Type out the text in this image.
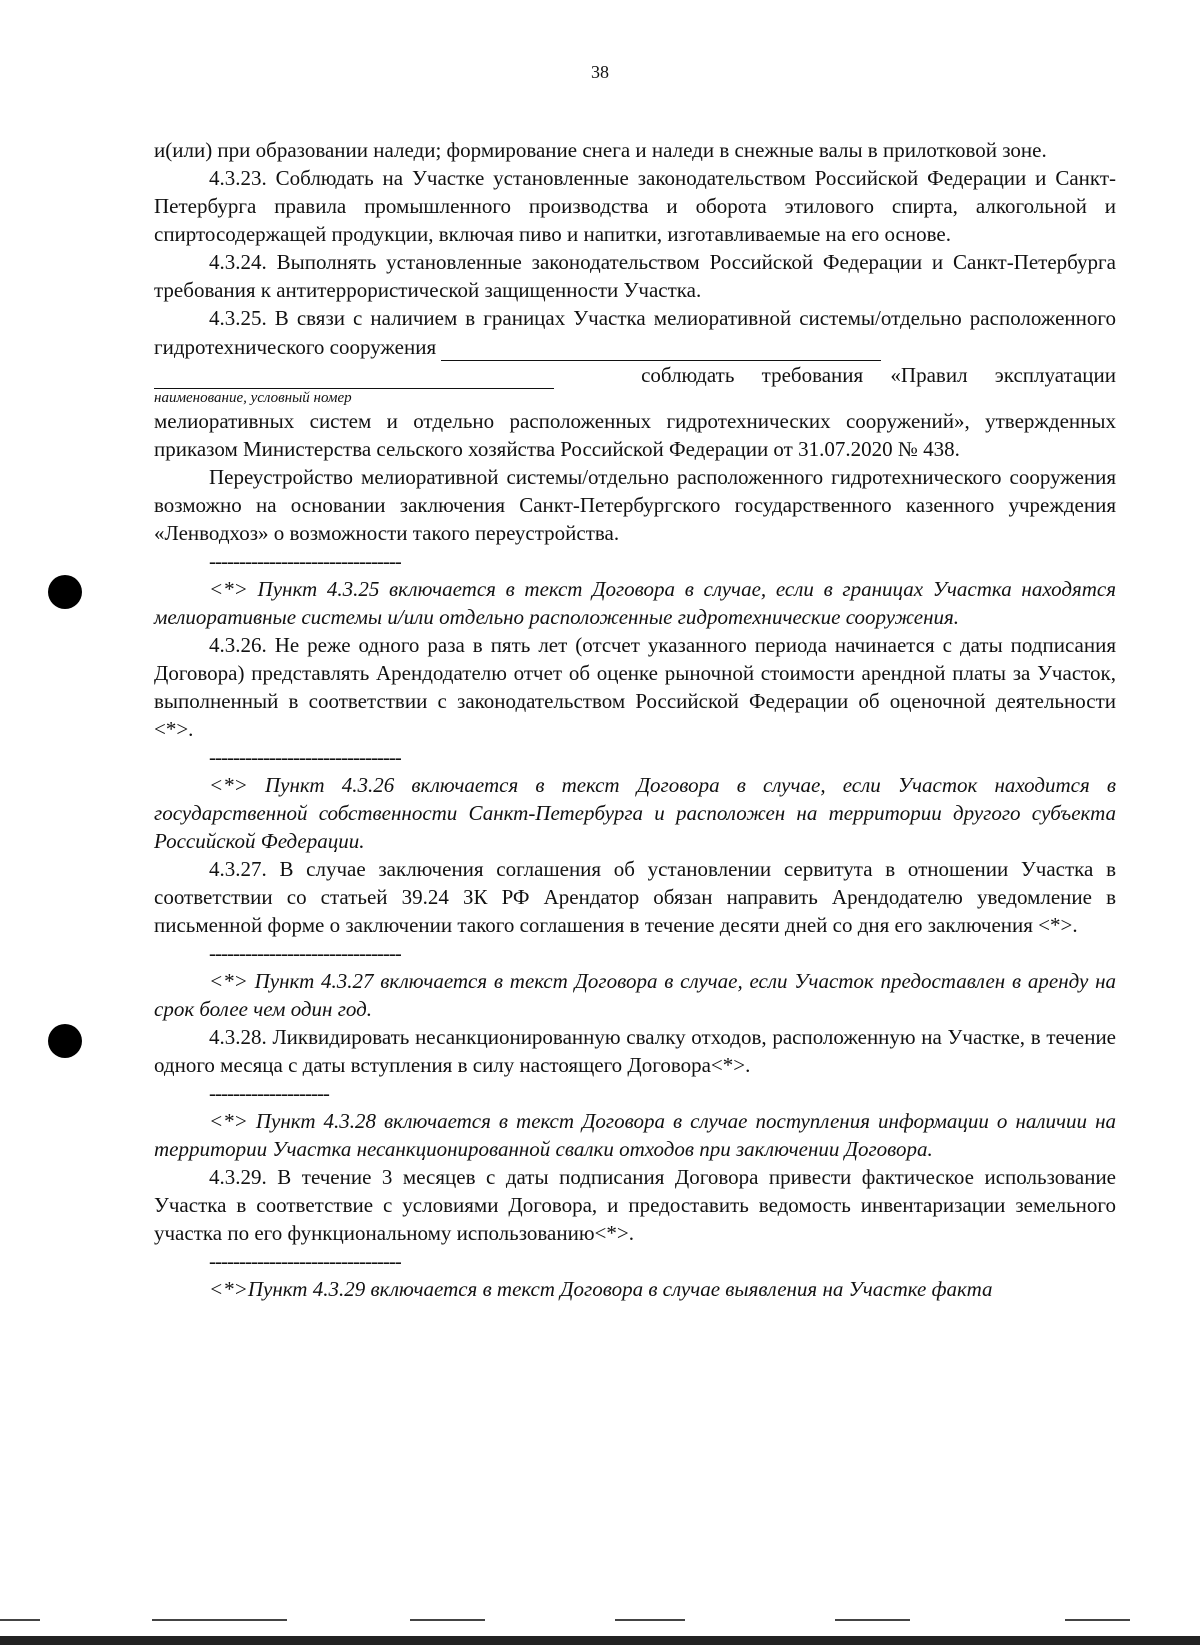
38

и(или) при образовании наледи; формирование снега и наледи в снежные валы в прилотковой зоне.

4.3.23. Соблюдать на Участке установленные законодательством Российской Федерации и Санкт-Петербурга правила промышленного производства и оборота этилового спирта, алкогольной и спиртосодержащей продукции, включая пиво и напитки, изготавливаемые на его основе.

4.3.24. Выполнять установленные законодательством Российской Федерации и Санкт-Петербурга требования к антитеррористической защищенности Участка.

4.3.25. В связи с наличием в границах Участка мелиоративной системы/отдельно расположенного гидротехнического сооружения

соблюдать требования «Правил эксплуатации

наименование, условный номер

мелиоративных систем и отдельно расположенных гидротехнических сооружений», утвержденных приказом Министерства сельского хозяйства Российской Федерации от 31.07.2020 № 438.

Переустройство мелиоративной системы/отдельно расположенного гидротехнического сооружения возможно на основании заключения Санкт-Петербургского государственного казенного учреждения «Ленводхоз» о возможности такого переустройства.

--------------------------------

<*> Пункт 4.3.25 включается в текст Договора в случае, если в границах Участка находятся мелиоративные системы и/или отдельно расположенные гидротехнические сооружения.

4.3.26. Не реже одного раза в пять лет (отсчет указанного периода начинается с даты подписания Договора) представлять Арендодателю отчет об оценке рыночной стоимости арендной платы за Участок, выполненный в соответствии с законодательством Российской Федерации об оценочной деятельности <*>.

--------------------------------

<*> Пункт 4.3.26 включается в текст Договора в случае, если Участок находится в государственной собственности Санкт-Петербурга и расположен на территории другого субъекта Российской Федерации.

4.3.27. В случае заключения соглашения об установлении сервитута в отношении Участка в соответствии со статьей 39.24 ЗК РФ Арендатор обязан направить Арендодателю уведомление в письменной форме о заключении такого соглашения в течение десяти дней со дня его заключения <*>.

--------------------------------

<*> Пункт 4.3.27 включается в текст Договора в случае, если Участок предоставлен в аренду на срок более чем один год.

4.3.28. Ликвидировать несанкционированную свалку отходов, расположенную на Участке, в течение одного месяца с даты вступления в силу настоящего Договора<*>.

--------------------

<*> Пункт 4.3.28 включается в текст Договора в случае поступления информации о наличии на территории Участка несанкционированной свалки отходов при заключении Договора.

4.3.29. В течение 3 месяцев с даты подписания Договора привести фактическое использование Участка в соответствие с условиями Договора, и предоставить ведомость инвентаризации земельного участка по его функциональному использованию<*>.

--------------------------------

<*>Пункт 4.3.29 включается в текст Договора в случае выявления на Участке факта
